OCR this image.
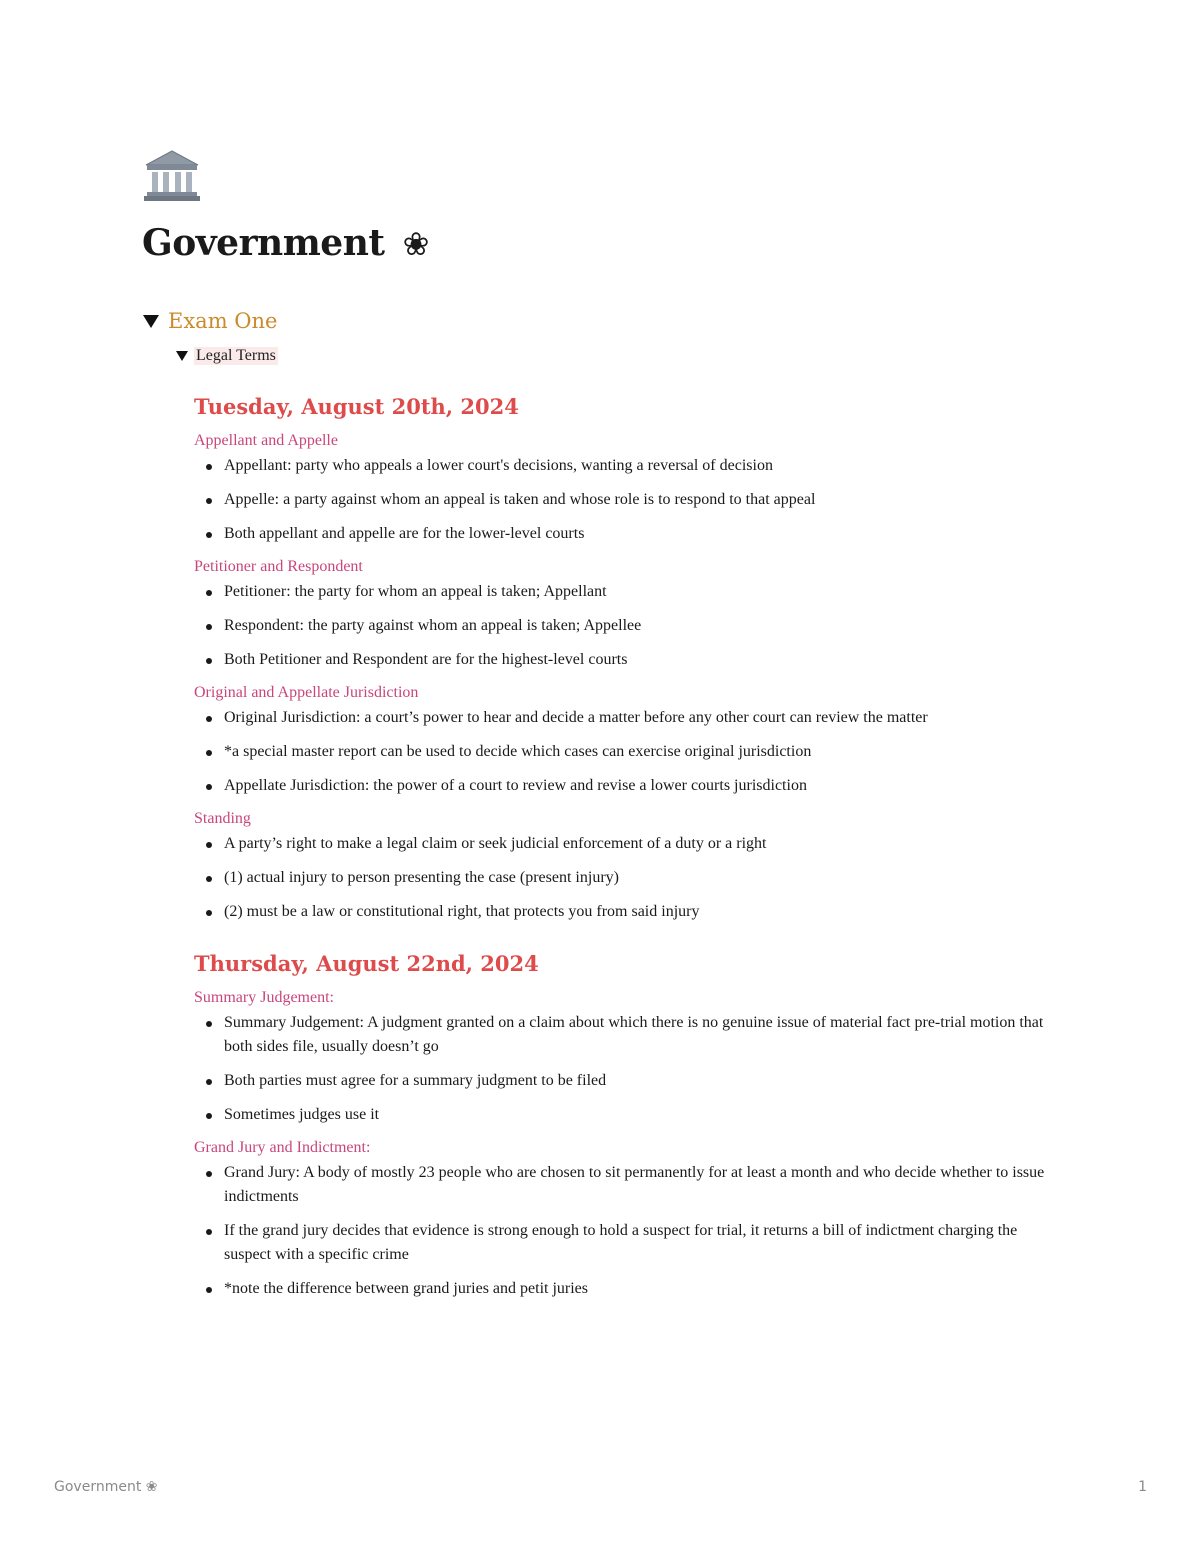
Government ❀
Exam One
Legal Terms
Tuesday, August 20th, 2024
Appellant and Appelle
Appellant: party who appeals a lower court's decisions, wanting a reversal of decision
Appelle: a party against whom an appeal is taken and whose role is to respond to that appeal
Both appellant and appelle are for the lower-level courts
Petitioner and Respondent
Petitioner: the party for whom an appeal is taken; Appellant
Respondent: the party against whom an appeal is taken; Appellee
Both Petitioner and Respondent are for the highest-level courts
Original and Appellate Jurisdiction
Original Jurisdiction: a court’s power to hear and decide a matter before any other court can review the matter
*a special master report can be used to decide which cases can exercise original jurisdiction
Appellate Jurisdiction: the power of a court to review and revise a lower courts jurisdiction
Standing
A party’s right to make a legal claim or seek judicial enforcement of a duty or a right
(1) actual injury to person presenting the case (present injury)
(2) must be a law or constitutional right, that protects you from said injury
Thursday, August 22nd, 2024
Summary Judgement:
Summary Judgement: A judgment granted on a claim about which there is no genuine issue of material fact pre-trial motion that both sides file, usually doesn’t go
Both parties must agree for a summary judgment to be filed
Sometimes judges use it
Grand Jury and Indictment:
Grand Jury: A body of mostly 23 people who are chosen to sit permanently for at least a month and who decide whether to issue indictments
If the grand jury decides that evidence is strong enough to hold a suspect for trial, it returns a bill of indictment charging the suspect with a specific crime
*note the difference between grand juries and petit juries
Government ❀	1
